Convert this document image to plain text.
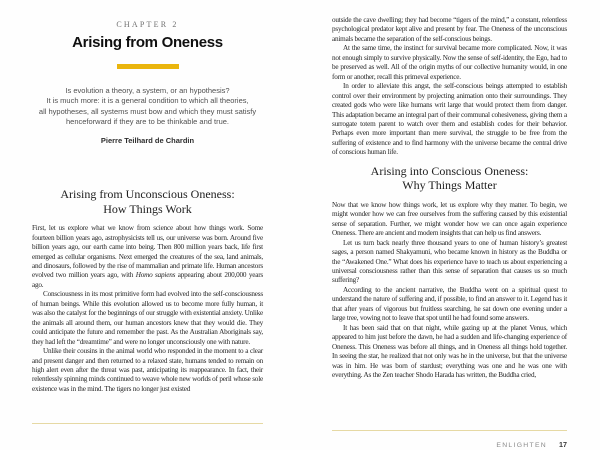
CHAPTER 2
Arising from Oneness
Is evolution a theory, a system, or an hypothesis?
It is much more: it is a general condition to which all theories,
all hypotheses, all systems must bow and which they must satisfy
henceforward if they are to be thinkable and true.
Pierre Teilhard de Chardin
Arising from Unconscious Oneness:
How Things Work

First, let us explore what we know from science about how things work. Some fourteen billion years ago, astrophysicists tell us, our universe was born. Around five billion years ago, our earth came into being. Then 800 million years back, life first emerged as cellular organisms. Next emerged the creatures of the sea, land animals, and dinosaurs, followed by the rise of mammalian and primate life. Human ancestors evolved two million years ago, with Homo sapiens appearing about 200,000 years ago.

Consciousness in its most primitive form had evolved into the self-consciousness of human beings. While this evolution allowed us to become more fully human, it was also the catalyst for the beginnings of our struggle with existential anxiety. Unlike the animals all around them, our human ancestors knew that they would die. They could anticipate the future and remember the past. As the Australian Aboriginals say, they had left the “dreamtime” and were no longer unconsciously one with nature.

Unlike their cousins in the animal world who responded in the moment to a clear and present danger and then returned to a relaxed state, humans tended to remain on high alert even after the threat was past, anticipating its reappearance. In fact, their relentlessly spinning minds continued to weave whole new worlds of peril whose sole existence was in the mind. The tigers no longer just existed

outside the cave dwelling; they had become “tigers of the mind,” a constant, relentless psychological predator kept alive and present by fear. The Oneness of the unconscious animals became the separation of the self-conscious beings.

At the same time, the instinct for survival became more complicated. Now, it was not enough simply to survive physically. Now the sense of self-identity, the Ego, had to be preserved as well. All of the origin myths of our collective humanity would, in one form or another, recall this primeval experience.

In order to alleviate this angst, the self-conscious beings attempted to establish control over their environment by projecting animation onto their surroundings. They created gods who were like humans writ large that would protect them from danger. This adaptation became an integral part of their communal cohesiveness, giving them a surrogate totem parent to watch over them and establish codes for their behavior. Perhaps even more important than mere survival, the struggle to be free from the suffering of existence and to find harmony with the universe became the central drive of conscious human life.

Arising into Conscious Oneness:
Why Things Matter

Now that we know how things work, let us explore why they matter. To begin, we might wonder how we can free ourselves from the suffering caused by this existential sense of separation. Further, we might wonder how we can once again experience Oneness. There are ancient and modern insights that can help us find answers.

Let us turn back nearly three thousand years to one of human history’s greatest sages, a person named Shakyamuni, who became known in history as the Buddha or the “Awakened One.” What does his experience have to teach us about experiencing a universal consciousness rather than this sense of separation that causes us so much suffering?

According to the ancient narrative, the Buddha went on a spiritual quest to understand the nature of suffering and, if possible, to find an answer to it. Legend has it that after years of vigorous but fruitless searching, he sat down one evening under a large tree, vowing not to leave that spot until he had found some answers.

It has been said that on that night, while gazing up at the planet Venus, which appeared to him just before the dawn, he had a sudden and life-changing experience of Oneness. This Oneness was before all things, and in Oneness all things hold together. In seeing the star, he realized that not only was he in the universe, but that the universe was in him. He was born of stardust; everything was one and he was one with everything. As the Zen teacher Shodo Harada has written, the Buddha cried,

ENLIGHTEN 17
